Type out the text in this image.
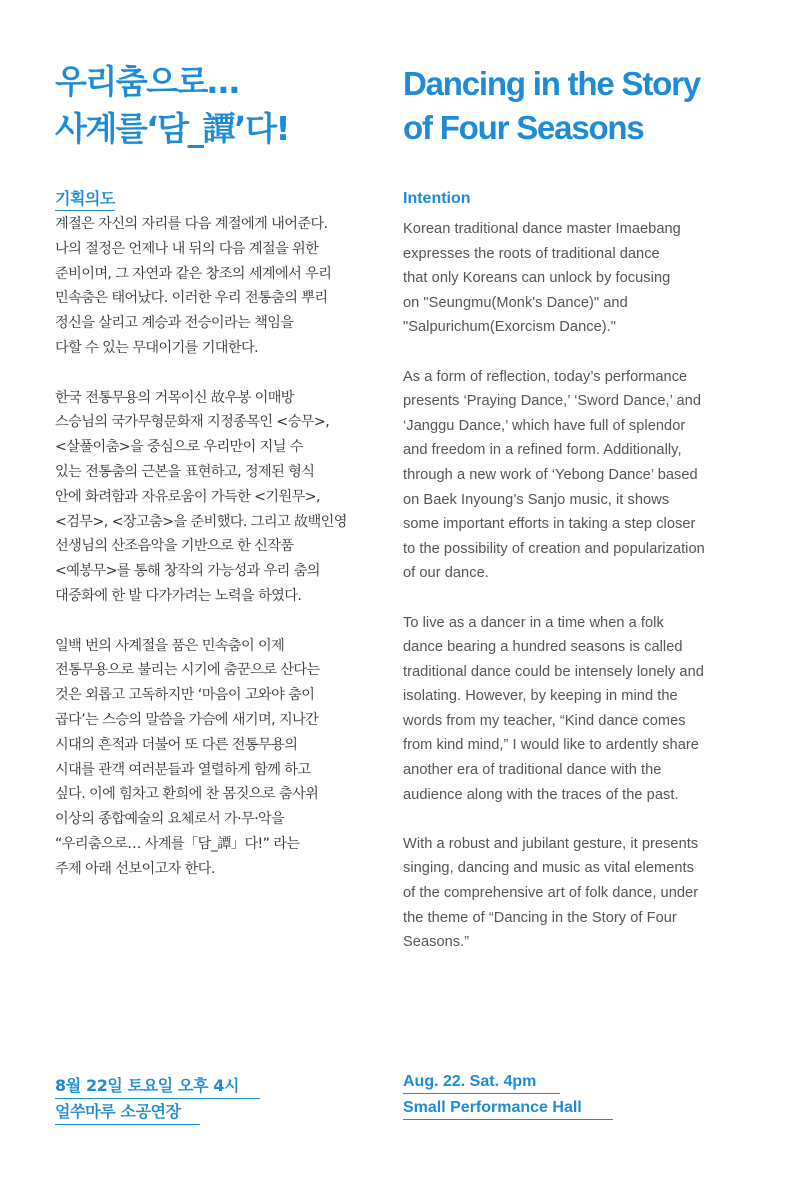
우리춤으로…
사계를‘담_譚’다!
기획의도

계절은 자신의 자리를 다음 계절에게 내어준다.
나의 절정은 언제나 내 뒤의 다음 계절을 위한
준비이며, 그 자연과 같은 창조의 세계에서 우리
민속춤은 태어났다. 이러한 우리 전통춤의 뿌리
정신을 살리고 계승과 전승이라는 책임을
다할 수 있는 무대이기를 기대한다.

한국 전통무용의 거목이신 故우봉 이매방
스승님의 국가무형문화재 지정종목인 <승무>,
<살풀이춤>을 중심으로 우리만이 지닐 수
있는 전통춤의 근본을 표현하고, 정제된 형식
안에 화려함과 자유로움이 가득한 <기원무>,
<검무>, <장고춤>을 준비했다. 그리고 故백인영
선생님의 산조음악을 기반으로 한 신작품
<예봉무>를 통해 창작의 가능성과 우리 춤의
대중화에 한 발 다가가려는 노력을 하였다.

일백 번의 사계절을 품은 민속춤이 이제
전통무용으로 불리는 시기에 춤꾼으로 산다는
것은 외롭고 고독하지만 ‘마음이 고와야 춤이
곱다’는 스승의 말씀을 가슴에 새기며, 지나간
시대의 흔적과 더불어 또 다른 전통무용의
시대를 관객 여러분들과 열렬하게 함께 하고
싶다. 이에 힘차고 환희에 찬 몸짓으로 춤사위
이상의 종합예술의 요체로서 가·무·악을
“우리춤으로… 사계를「담_譚」다!” 라는
주제 아래 선보이고자 한다.

8월 22일 토요일 오후 4시
얼쑤마루 소공연장
Dancing in the Story
of Four Seasons
Intention

Korean traditional dance master Imaebang
expresses the roots of traditional dance
that only Koreans can unlock by focusing
on "Seungmu(Monk's Dance)" and
"Salpurichum(Exorcism Dance)."

As a form of reflection, today’s performance
presents ‘Praying Dance,’ ‘Sword Dance,’ and
‘Janggu Dance,’ which have full of splendor
and freedom in a refined form. Additionally,
through a new work of ‘Yebong Dance’ based
on Baek Inyoung’s Sanjo music, it shows
some important efforts in taking a step closer
to the possibility of creation and popularization
of our dance.

To live as a dancer in a time when a folk
dance bearing a hundred seasons is called
traditional dance could be intensely lonely and
isolating. However, by keeping in mind the
words from my teacher, “Kind dance comes
from kind mind,” I would like to ardently share
another era of traditional dance with the
audience along with the traces of the past.

With a robust and jubilant gesture, it presents
singing, dancing and music as vital elements
of the comprehensive art of folk dance, under
the theme of “Dancing in the Story of Four
Seasons.”

Aug. 22. Sat. 4pm
Small Performance Hall
